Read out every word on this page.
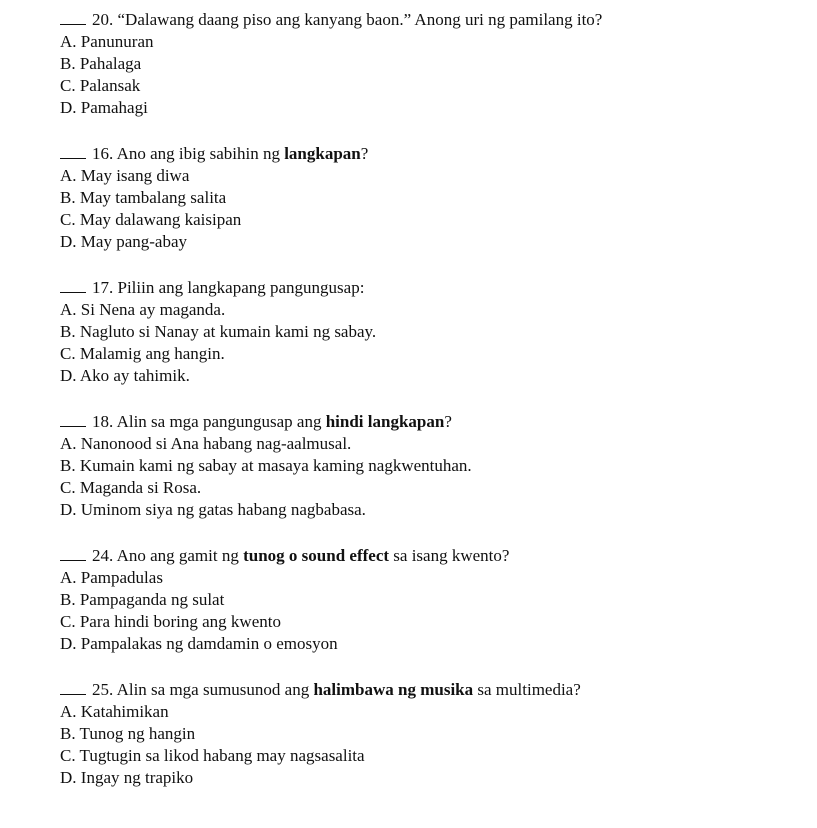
20. “Dalawang daang piso ang kanyang baon.” Anong uri ng pamilang ito?
A. Panunuran
B. Pahalaga
C. Palansak
D. Pamahagi
16. Ano ang ibig sabihin ng langkapan?
A. May isang diwa
B. May tambalang salita
C. May dalawang kaisipan
D. May pang-abay
17. Piliin ang langkapang pangungusap:
A. Si Nena ay maganda.
B. Nagluto si Nanay at kumain kami ng sabay.
C. Malamig ang hangin.
D. Ako ay tahimik.
18. Alin sa mga pangungusap ang hindi langkapan?
A. Nanonood si Ana habang nag-aalmusal.
B. Kumain kami ng sabay at masaya kaming nagkwentuhan.
C. Maganda si Rosa.
D. Uminom siya ng gatas habang nagbabasa.
24. Ano ang gamit ng tunog o sound effect sa isang kwento?
A. Pampadulas
B. Pampaganda ng sulat
C. Para hindi boring ang kwento
D. Pampalakas ng damdamin o emosyon
25. Alin sa mga sumusunod ang halimbawa ng musika sa multimedia?
A. Katahimikan
B. Tunog ng hangin
C. Tugtugin sa likod habang may nagsasalita
D. Ingay ng trapiko
